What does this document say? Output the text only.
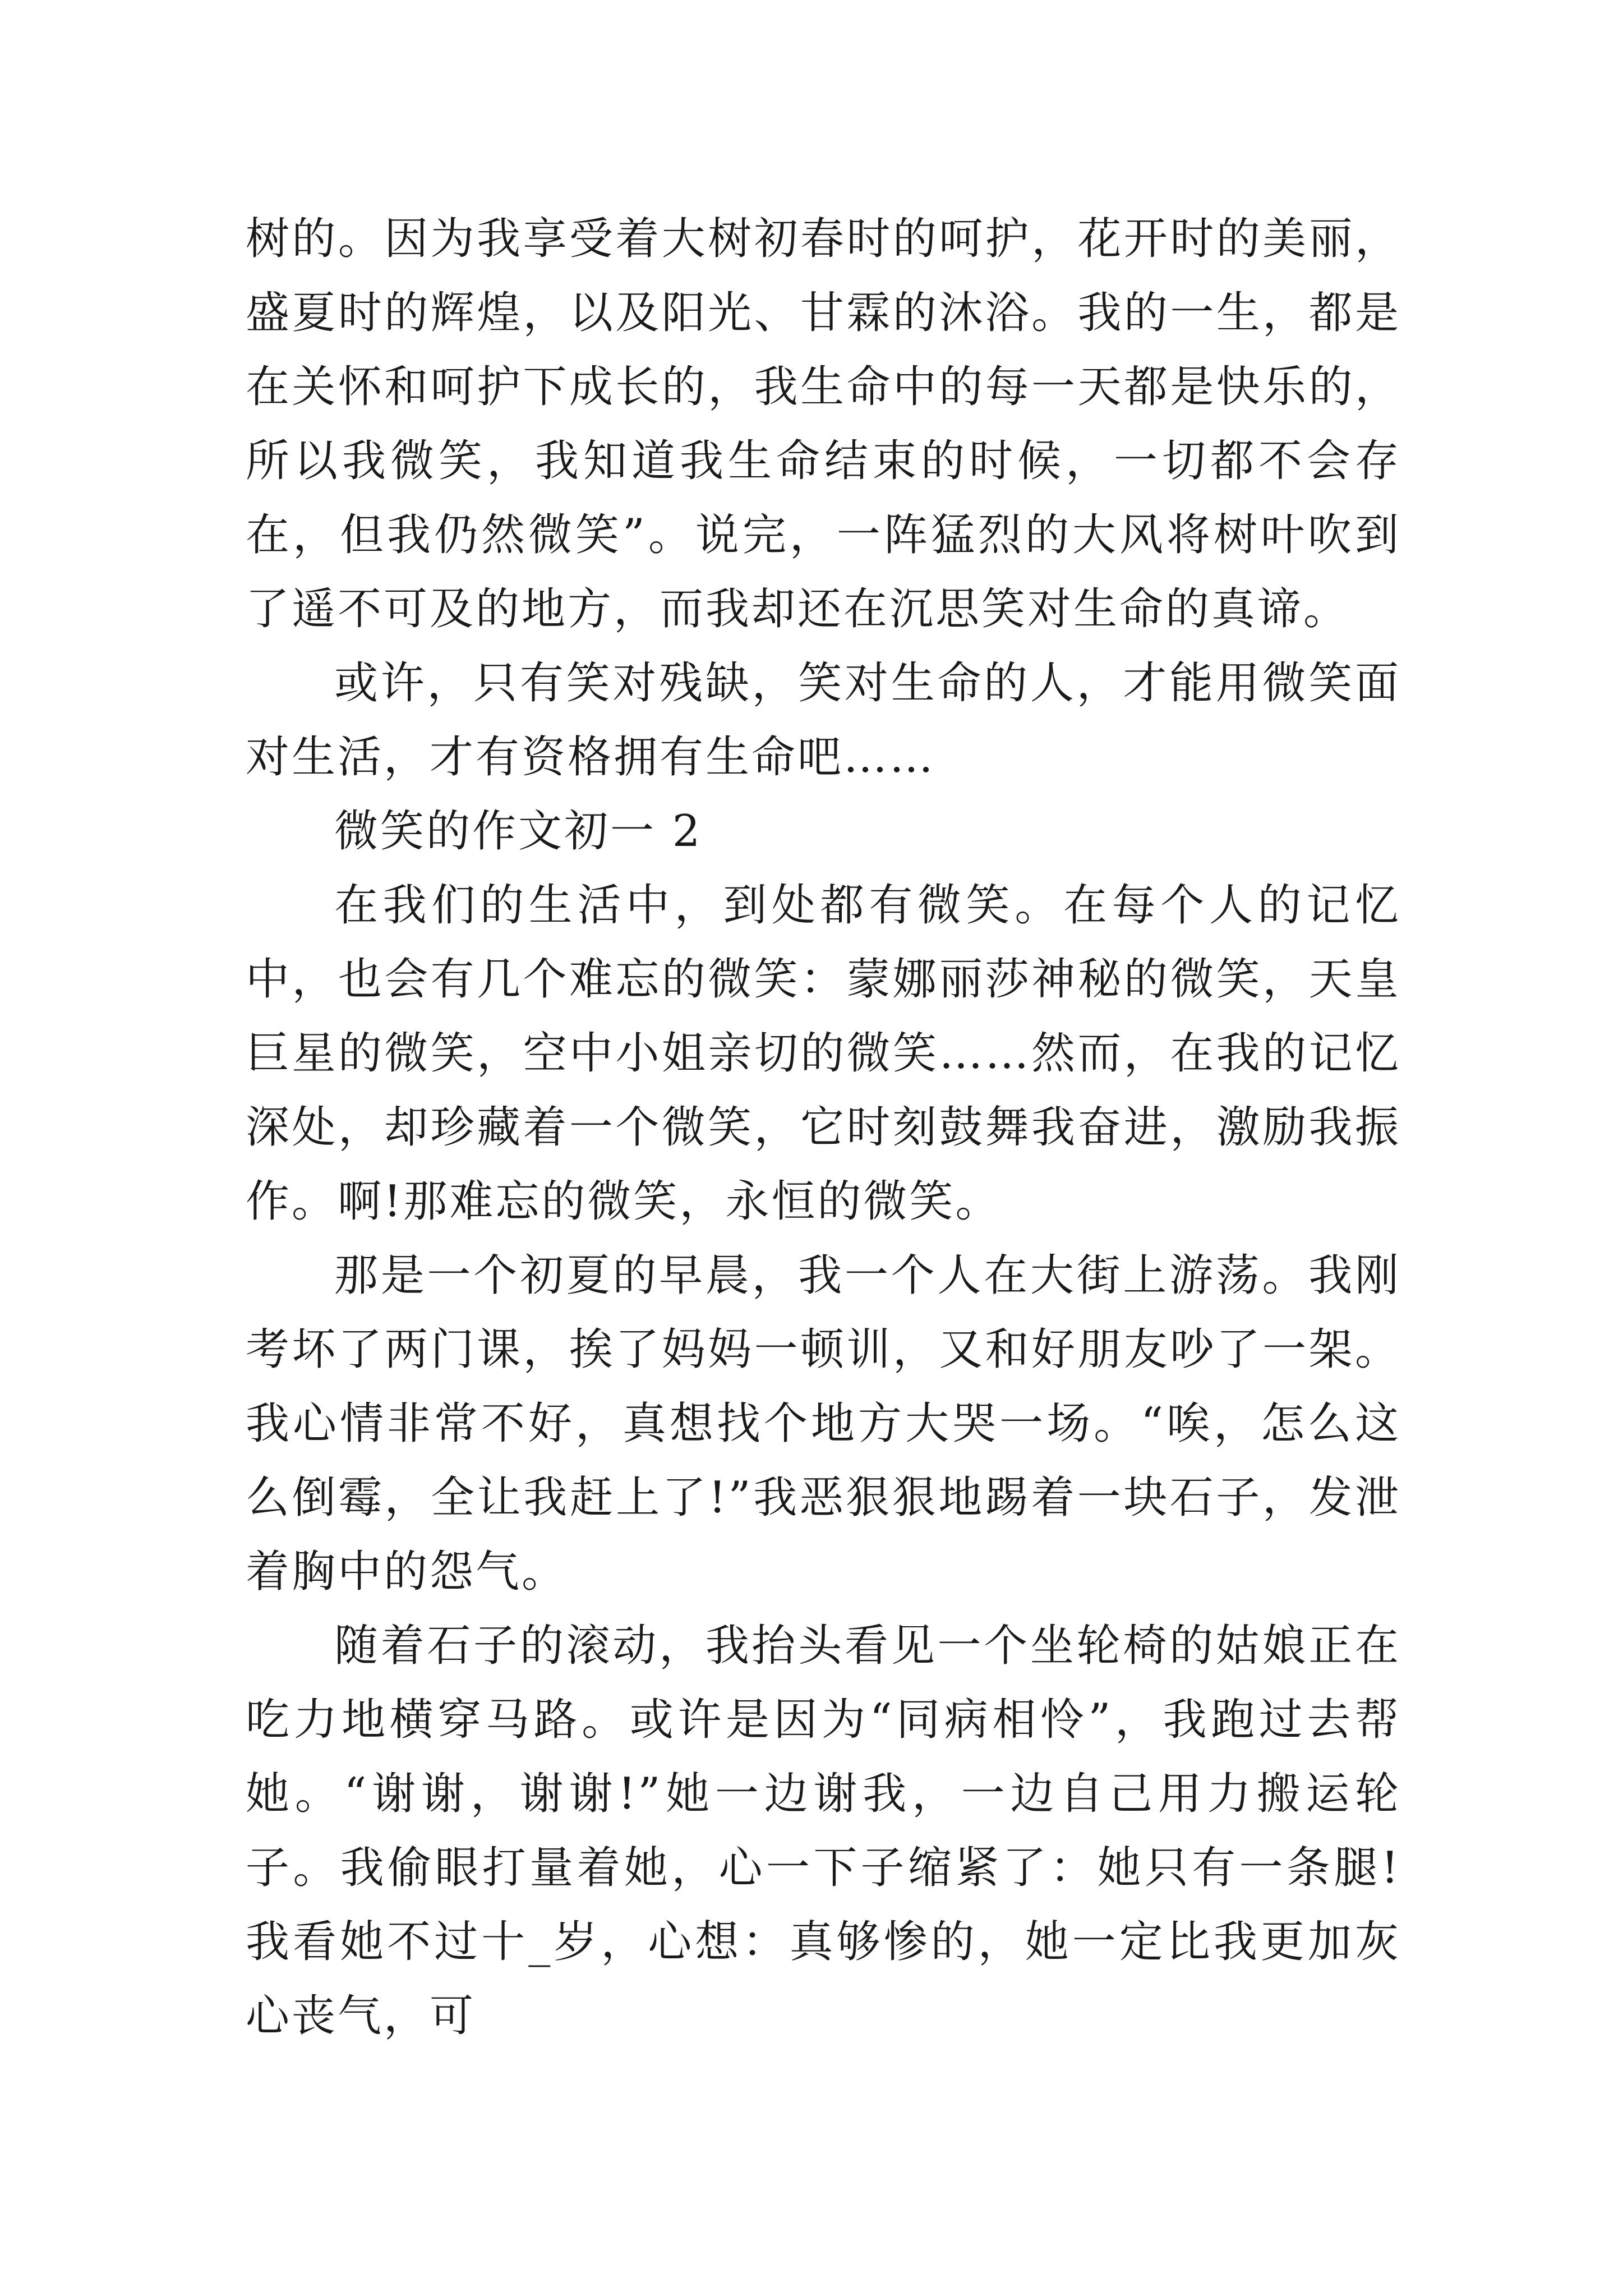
树的。因为我享受着大树初春时的呵护，花开时的美丽，盛夏时的辉煌，以及阳光、甘霖的沐浴。我的一生，都是在关怀和呵护下成长的，我生命中的每一天都是快乐的，所以我微笑，我知道我生命结束的时候，一切都不会存在，但我仍然微笑”。说完，一阵猛烈的大风将树叶吹到了遥不可及的地方，而我却还在沉思笑对生命的真谛。

或许，只有笑对残缺，笑对生命的人，才能用微笑面对生活，才有资格拥有生命吧……

微笑的作文初一 2

在我们的生活中，到处都有微笑。在每个人的记忆中，也会有几个难忘的微笑：蒙娜丽莎神秘的微笑，天皇巨星的微笑，空中小姐亲切的微笑……然而，在我的记忆深处，却珍藏着一个微笑，它时刻鼓舞我奋进，激励我振作。啊!那难忘的微笑，永恒的微笑。

那是一个初夏的早晨，我一个人在大街上游荡。我刚考坏了两门课，挨了妈妈一顿训，又和好朋友吵了一架。我心情非常不好，真想找个地方大哭一场。“唉，怎么这么倒霉，全让我赶上了!”我恶狠狠地踢着一块石子，发泄着胸中的怨气。

随着石子的滚动，我抬头看见一个坐轮椅的姑娘正在吃力地横穿马路。或许是因为“同病相怜”，我跑过去帮她。“谢谢，谢谢!”她一边谢我，一边自己用力搬运轮子。我偷眼打量着她，心一下子缩紧了：她只有一条腿!我看她不过十_岁，心想：真够惨的，她一定比我更加灰心丧气，可
